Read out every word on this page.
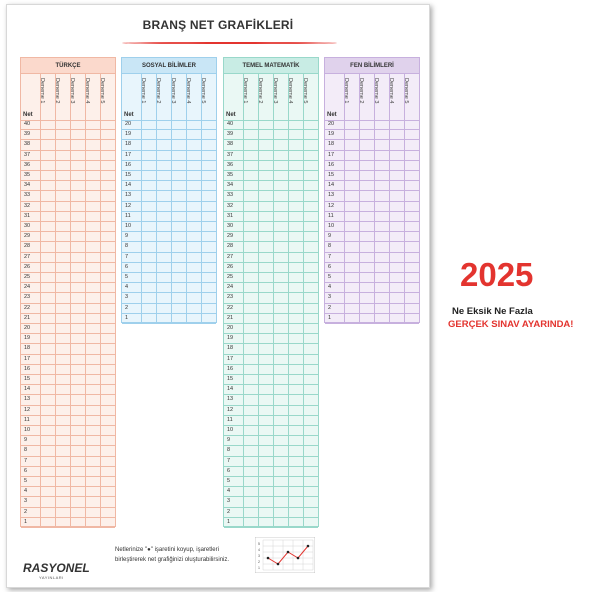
BRANŞ NET GRAFİKLERİ
TÜRKÇE
Net
Deneme 1 Deneme 2 Deneme 3 Deneme 4 Deneme 5
40
39
38
37
36
35
34
33
32
31
30
29
28
27
26
25
24
23
22
21
20
19
18
17
16
15
14
13
12
11
10
9
8
7
6
5
4
3
2
1
SOSYAL BİLİMLER
Net
Deneme 1 Deneme 2 Deneme 3 Deneme 4 Deneme 5
20
19
18
17
16
15
14
13
12
11
10
9
8
7
6
5
4
3
2
1
TEMEL MATEMATİK
Net
Deneme 1 Deneme 2 Deneme 3 Deneme 4 Deneme 5
40
39
38
37
36
35
34
33
32
31
30
29
28
27
26
25
24
23
22
21
20
19
18
17
16
15
14
13
12
11
10
9
8
7
6
5
4
3
2
1
FEN BİLİMLERİ
Net
Deneme 1 Deneme 2 Deneme 3 Deneme 4 Deneme 5
20
19
18
17
16
15
14
13
12
11
10
9
8
7
6
5
4
3
2
1
Netlerinize "●" işaretini koyup, işaretleri
birleştirerek net grafiğinizi oluşturabilirsiniz.
5
4
3
2
1
RASYONEL
YAYINLARI
2025
Ne Eksik Ne Fazla
GERÇEK SINAV AYARINDA!
